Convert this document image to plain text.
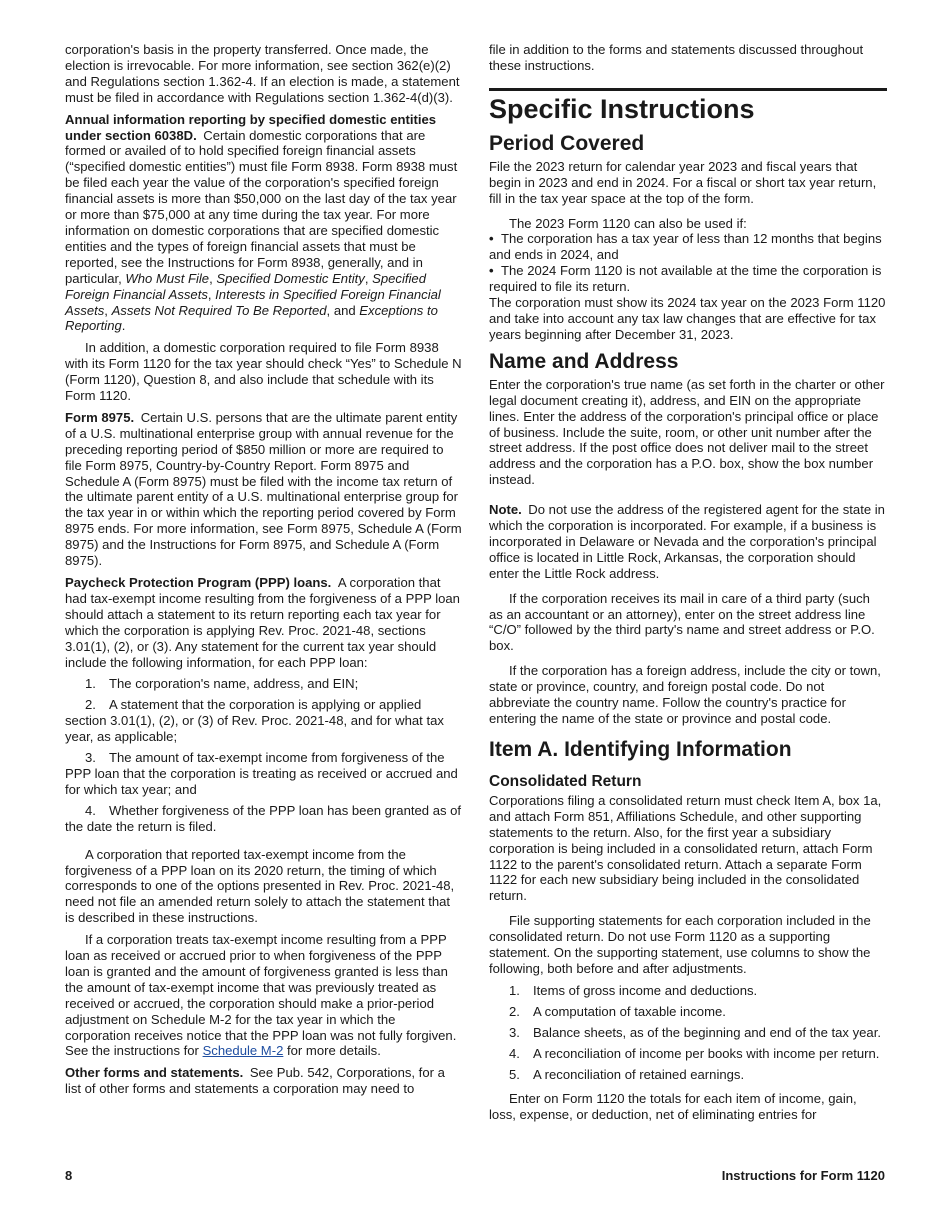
corporation's basis in the property transferred. Once made, the election is irrevocable. For more information, see section 362(e)(2) and Regulations section 1.362-4. If an election is made, a statement must be filed in accordance with Regulations section 1.362-4(d)(3).

Annual information reporting by specified domestic entities under section 6038D.  Certain domestic corporations that are formed or availed of to hold specified foreign financial assets (“specified domestic entities”) must file Form 8938. Form 8938 must be filed each year the value of the corporation's specified foreign financial assets is more than $50,000 on the last day of the tax year or more than $75,000 at any time during the tax year. For more information on domestic corporations that are specified domestic entities and the types of foreign financial assets that must be reported, see the Instructions for Form 8938, generally, and in particular, Who Must File, Specified Domestic Entity, Specified Foreign Financial Assets, Interests in Specified Foreign Financial Assets, Assets Not Required To Be Reported, and Exceptions to Reporting.

In addition, a domestic corporation required to file Form 8938 with its Form 1120 for the tax year should check “Yes” to Schedule N (Form 1120), Question 8, and also include that schedule with its Form 1120.

Form 8975.  Certain U.S. persons that are the ultimate parent entity of a U.S. multinational enterprise group with annual revenue for the preceding reporting period of $850 million or more are required to file Form 8975, Country-by-Country Report. Form 8975 and Schedule A (Form 8975) must be filed with the income tax return of the ultimate parent entity of a U.S. multinational enterprise group for the tax year in or within which the reporting period covered by Form 8975 ends. For more information, see Form 8975, Schedule A (Form 8975) and the Instructions for Form 8975, and Schedule A (Form 8975).

Paycheck Protection Program (PPP) loans.  A corporation that had tax-exempt income resulting from the forgiveness of a PPP loan should attach a statement to its return reporting each tax year for which the corporation is applying Rev. Proc. 2021-48, sections 3.01(1), (2), or (3). Any statement for the current tax year should include the following information, for each PPP loan:

1. The corporation's name, address, and EIN;

2. A statement that the corporation is applying or applied section 3.01(1), (2), or (3) of Rev. Proc. 2021-48, and for what tax year, as applicable;

3. The amount of tax-exempt income from forgiveness of the PPP loan that the corporation is treating as received or accrued and for which tax year; and

4. Whether forgiveness of the PPP loan has been granted as of the date the return is filed.

A corporation that reported tax-exempt income from the forgiveness of a PPP loan on its 2020 return, the timing of which corresponds to one of the options presented in Rev. Proc. 2021-48, need not file an amended return solely to attach the statement that is described in these instructions.

If a corporation treats tax-exempt income resulting from a PPP loan as received or accrued prior to when forgiveness of the PPP loan is granted and the amount of forgiveness granted is less than the amount of tax-exempt income that was previously treated as received or accrued, the corporation should make a prior-period adjustment on Schedule M-2 for the tax year in which the corporation receives notice that the PPP loan was not fully forgiven. See the instructions for Schedule M-2 for more details.

Other forms and statements.  See Pub. 542, Corporations, for a list of other forms and statements a corporation may need to

file in addition to the forms and statements discussed throughout these instructions.

Specific Instructions
Period Covered

File the 2023 return for calendar year 2023 and fiscal years that begin in 2023 and end in 2024. For a fiscal or short tax year return, fill in the tax year space at the top of the form.

The 2023 Form 1120 can also be used if:

• The corporation has a tax year of less than 12 months that begins and ends in 2024, and

• The 2024 Form 1120 is not available at the time the corporation is required to file its return.

The corporation must show its 2024 tax year on the 2023 Form 1120 and take into account any tax law changes that are effective for tax years beginning after December 31, 2023.

Name and Address

Enter the corporation's true name (as set forth in the charter or other legal document creating it), address, and EIN on the appropriate lines. Enter the address of the corporation's principal office or place of business. Include the suite, room, or other unit number after the street address. If the post office does not deliver mail to the street address and the corporation has a P.O. box, show the box number instead.

Note.  Do not use the address of the registered agent for the state in which the corporation is incorporated. For example, if a business is incorporated in Delaware or Nevada and the corporation's principal office is located in Little Rock, Arkansas, the corporation should enter the Little Rock address.

If the corporation receives its mail in care of a third party (such as an accountant or an attorney), enter on the street address line “C/O” followed by the third party's name and street address or P.O. box.

If the corporation has a foreign address, include the city or town, state or province, country, and foreign postal code. Do not abbreviate the country name. Follow the country's practice for entering the name of the state or province and postal code.

Item A. Identifying Information
Consolidated Return

Corporations filing a consolidated return must check Item A, box 1a, and attach Form 851, Affiliations Schedule, and other supporting statements to the return. Also, for the first year a subsidiary corporation is being included in a consolidated return, attach Form 1122 to the parent's consolidated return. Attach a separate Form 1122 for each new subsidiary being included in the consolidated return.

File supporting statements for each corporation included in the consolidated return. Do not use Form 1120 as a supporting statement. On the supporting statement, use columns to show the following, both before and after adjustments.

1. Items of gross income and deductions.

2. A computation of taxable income.

3. Balance sheets, as of the beginning and end of the tax year.

4. A reconciliation of income per books with income per return.

5. A reconciliation of retained earnings.

Enter on Form 1120 the totals for each item of income, gain, loss, expense, or deduction, net of eliminating entries for

8	Instructions for Form 1120
